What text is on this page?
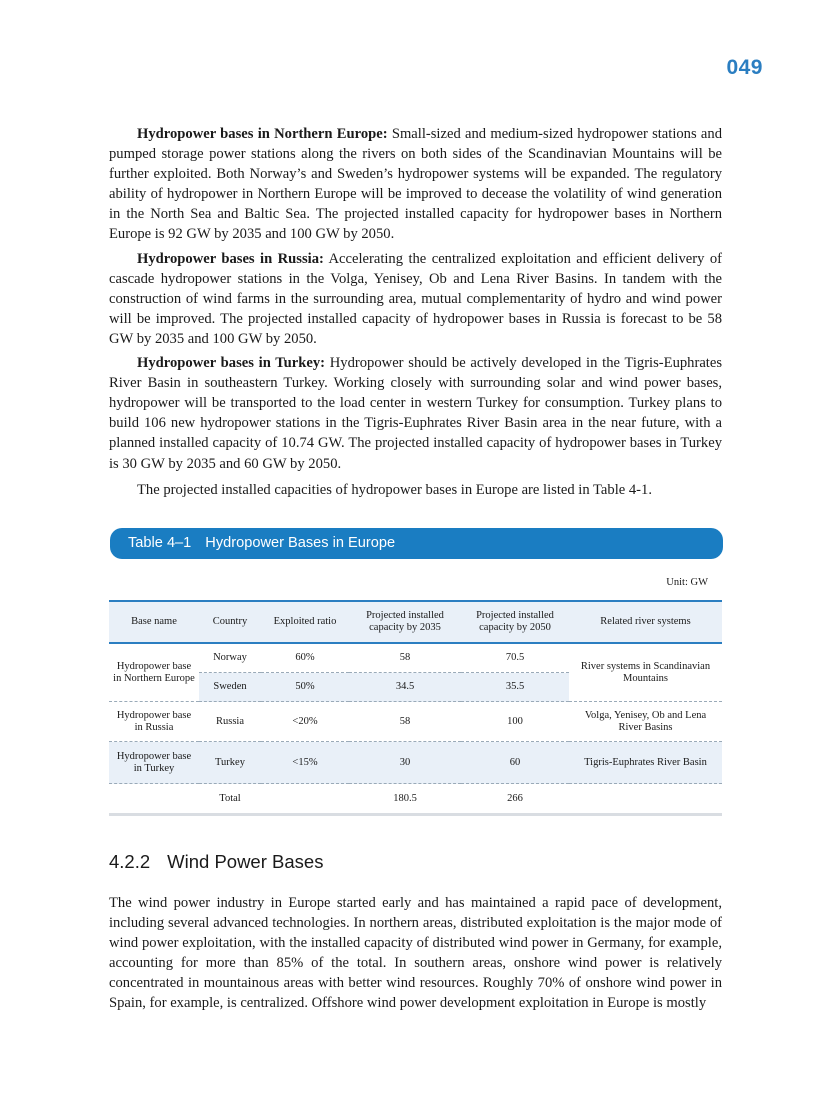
049

Hydropower bases in Northern Europe: Small-sized and medium-sized hydropower stations and pumped storage power stations along the rivers on both sides of the Scandinavian Mountains will be further exploited. Both Norway’s and Sweden’s hydropower systems will be expanded. The regulatory ability of hydropower in Northern Europe will be improved to decease the volatility of wind generation in the North Sea and Baltic Sea. The projected installed capacity for hydropower bases in Northern Europe is 92 GW by 2035 and 100 GW by 2050.

Hydropower bases in Russia: Accelerating the centralized exploitation and efficient delivery of cascade hydropower stations in the Volga, Yenisey, Ob and Lena River Basins. In tandem with the construction of wind farms in the surrounding area, mutual complementarity of hydro and wind power will be improved. The projected installed capacity of hydropower bases in Russia is forecast to be 58 GW by 2035 and 100 GW by 2050.

Hydropower bases in Turkey: Hydropower should be actively developed in the Tigris-Euphrates River Basin in southeastern Turkey. Working closely with surrounding solar and wind power bases, hydropower will be transported to the load center in western Turkey for consumption. Turkey plans to build 106 new hydropower stations in the Tigris-Euphrates River Basin area in the near future, with a planned installed capacity of 10.74 GW. The projected installed capacity of hydropower bases in Turkey is 30 GW by 2035 and 60 GW by 2050.

The projected installed capacities of hydropower bases in Europe are listed in Table 4-1.

Table 4–1 Hydropower Bases in Europe
Unit: GW
Base name	Country	Exploited ratio	Projected installed capacity by 2035	Projected installed capacity by 2050	Related river systems
Hydropower base in Northern Europe	Norway	60%	58	70.5	River systems in Scandinavian Mountains
	Sweden	50%	34.5	35.5	
Hydropower base in Russia	Russia	<20%	58	100	Volga, Yenisey, Ob and Lena River Basins
Hydropower base in Turkey	Turkey	<15%	30	60	Tigris-Euphrates River Basin
	Total		180.5	266	
4.2.2 Wind Power Bases

The wind power industry in Europe started early and has maintained a rapid pace of development, including several advanced technologies. In northern areas, distributed exploitation is the major mode of wind power exploitation, with the installed capacity of distributed wind power in Germany, for example, accounting for more than 85% of the total. In southern areas, onshore wind power is relatively concentrated in mountainous areas with better wind resources. Roughly 70% of onshore wind power in Spain, for example, is centralized. Offshore wind power development exploitation in Europe is mostly
